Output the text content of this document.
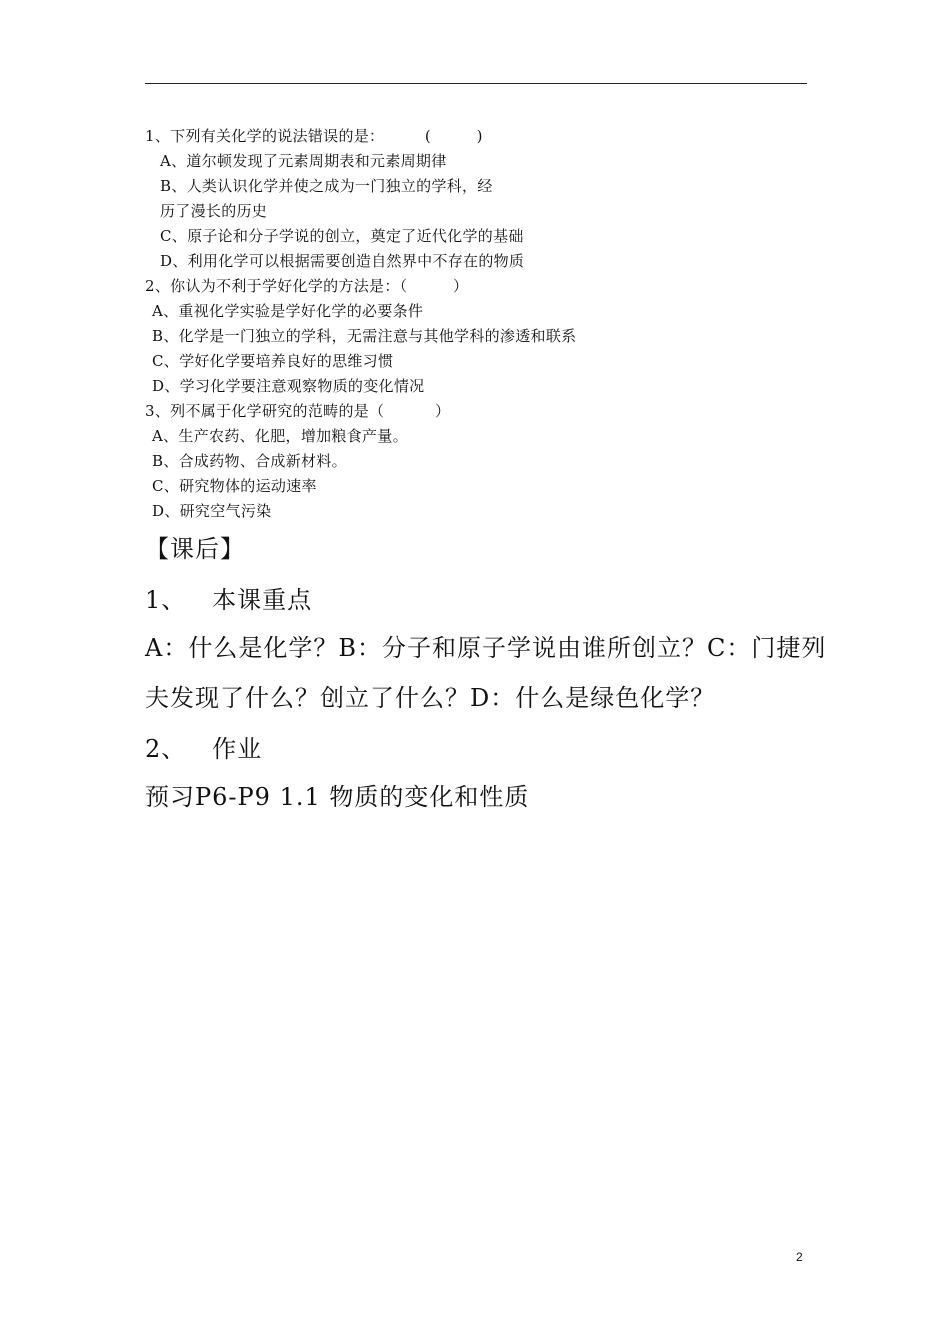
1、下列有关化学的说法错误的是：        (         )
A、道尔顿发现了元素周期表和元素周期律
B、人类认识化学并使之成为一门独立的学科，经
历了漫长的历史
C、原子论和分子学说的创立，奠定了近代化学的基础
D、利用化学可以根据需要创造自然界中不存在的物质
2、你认为不利于学好化学的方法是：（         ）
A、重视化学实验是学好化学的必要条件
B、化学是一门独立的学科，无需注意与其他学科的渗透和联系
C、学好化学要培养良好的思维习惯
D、学习化学要注意观察物质的变化情况
3、列不属于化学研究的范畴的是（          ）
A、生产农药、化肥，增加粮食产量。
B、合成药物、合成新材料。
C、研究物体的运动速率
D、研究空气污染
【课后】
1、   本课重点
A：什么是化学？B：分子和原子学说由谁所创立？C：门捷列
夫发现了什么？创立了什么？D：什么是绿色化学？
2、   作业
预习P6-P9 1.1 物质的变化和性质
2
